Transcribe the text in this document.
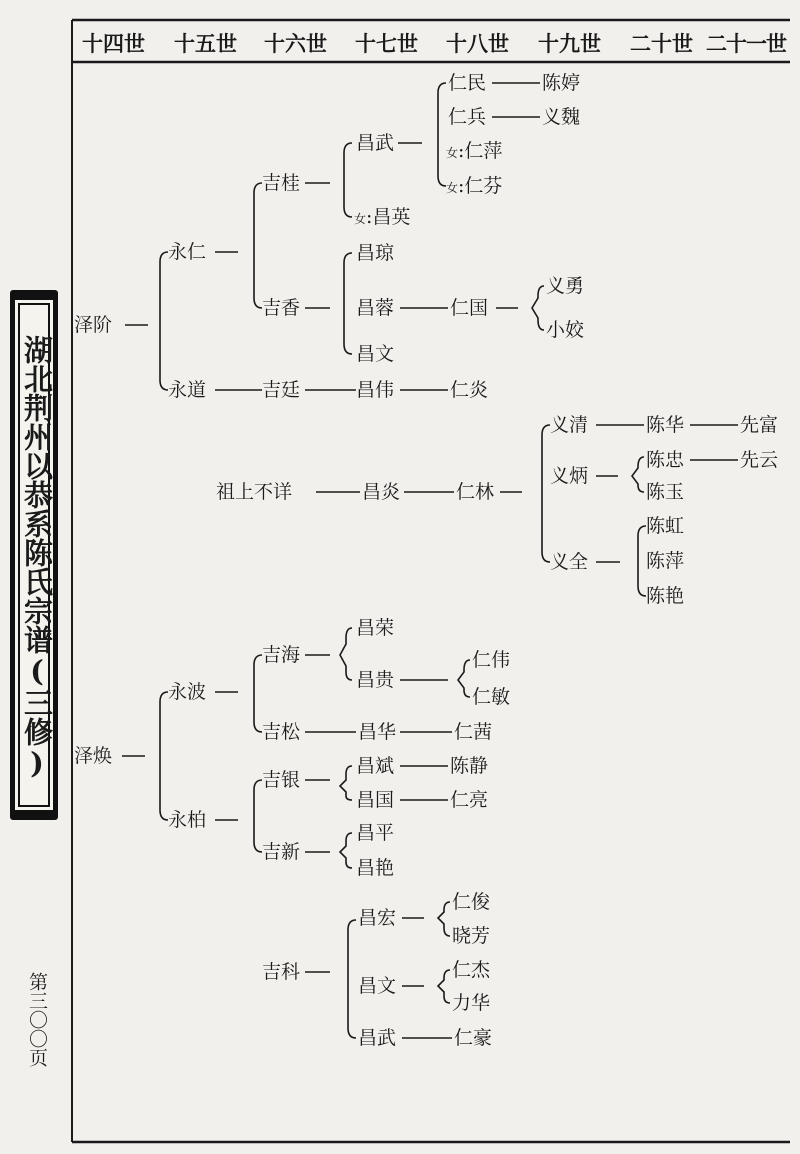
十四世 十五世 十六世 十七世 十八世 十九世 二十世 二十一世
泽阶
永仁
永道
吉桂
吉香
吉廷
昌武
女:昌英
昌琼
昌蓉
昌文
昌伟
仁民
仁兵
女:仁萍
女:仁芬
仁国
仁炎
陈婷
义魏
义勇
小姣
祖上不详	昌炎	仁林
义清
义炳
义全
陈华
陈忠
陈玉
陈虹
陈萍
陈艳
先富
先云
泽焕
永波
永柏
吉海
吉松
吉银
吉新
吉科
昌荣
昌贵
昌华
昌斌
昌国
昌平
昌艳
昌宏
昌文
昌武
仁伟
仁敏
仁茜
陈静
仁亮
仁俊
晓芳
仁杰
力华
仁豪
湖北荆州以恭系陈氏宗谱(三修)
第三〇〇页
